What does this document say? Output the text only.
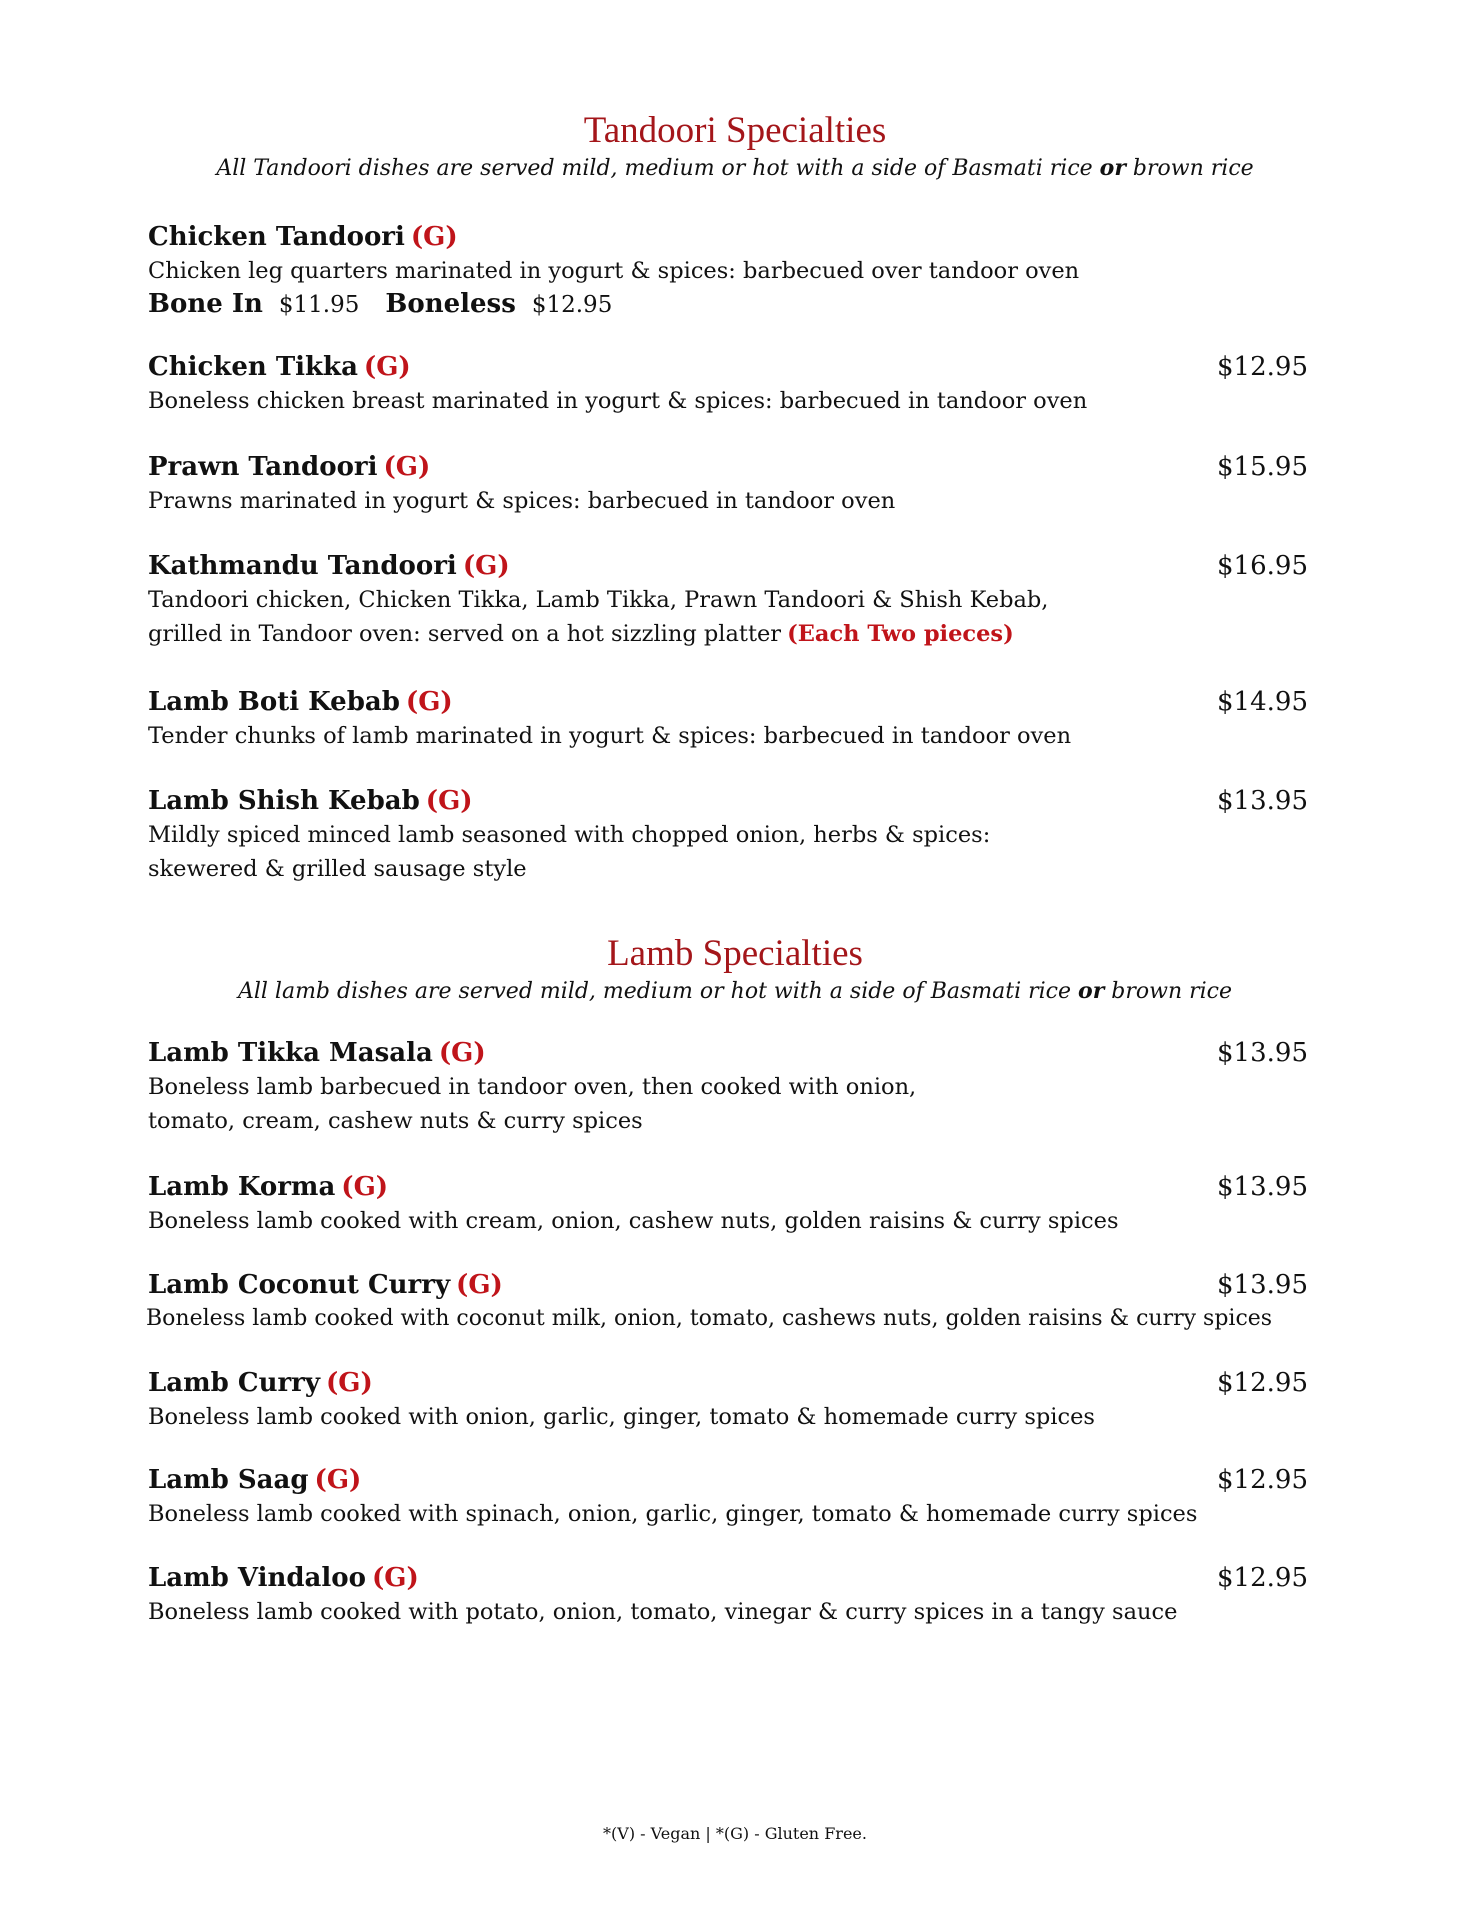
Tandoori Specialties
All Tandoori dishes are served mild, medium or hot with a side of Basmati rice or brown rice
Chicken Tandoori (G)
Chicken leg quarters marinated in yogurt & spices: barbecued over tandoor oven
Bone In $11.95 Boneless $12.95
Chicken Tikka (G)	$12.95
Boneless chicken breast marinated in yogurt & spices: barbecued in tandoor oven
Prawn Tandoori (G)	$15.95
Prawns marinated in yogurt & spices: barbecued in tandoor oven
Kathmandu Tandoori (G)	$16.95
Tandoori chicken, Chicken Tikka, Lamb Tikka, Prawn Tandoori & Shish Kebab,
grilled in Tandoor oven: served on a hot sizzling platter (Each Two pieces)
Lamb Boti Kebab (G)	$14.95
Tender chunks of lamb marinated in yogurt & spices: barbecued in tandoor oven
Lamb Shish Kebab (G)	$13.95
Mildly spiced minced lamb seasoned with chopped onion, herbs & spices:
skewered & grilled sausage style
Lamb Specialties
All lamb dishes are served mild, medium or hot with a side of Basmati rice or brown rice
Lamb Tikka Masala (G)	$13.95
Boneless lamb barbecued in tandoor oven, then cooked with onion,
tomato, cream, cashew nuts & curry spices
Lamb Korma (G)	$13.95
Boneless lamb cooked with cream, onion, cashew nuts, golden raisins & curry spices
Lamb Coconut Curry (G)	$13.95
Boneless lamb cooked with coconut milk, onion, tomato, cashews nuts, golden raisins & curry spices
Lamb Curry (G)	$12.95
Boneless lamb cooked with onion, garlic, ginger, tomato & homemade curry spices
Lamb Saag (G)	$12.95
Boneless lamb cooked with spinach, onion, garlic, ginger, tomato & homemade curry spices
Lamb Vindaloo (G)	$12.95
Boneless lamb cooked with potato, onion, tomato, vinegar & curry spices in a tangy sauce
*(V) - Vegan | *(G) - Gluten Free.
